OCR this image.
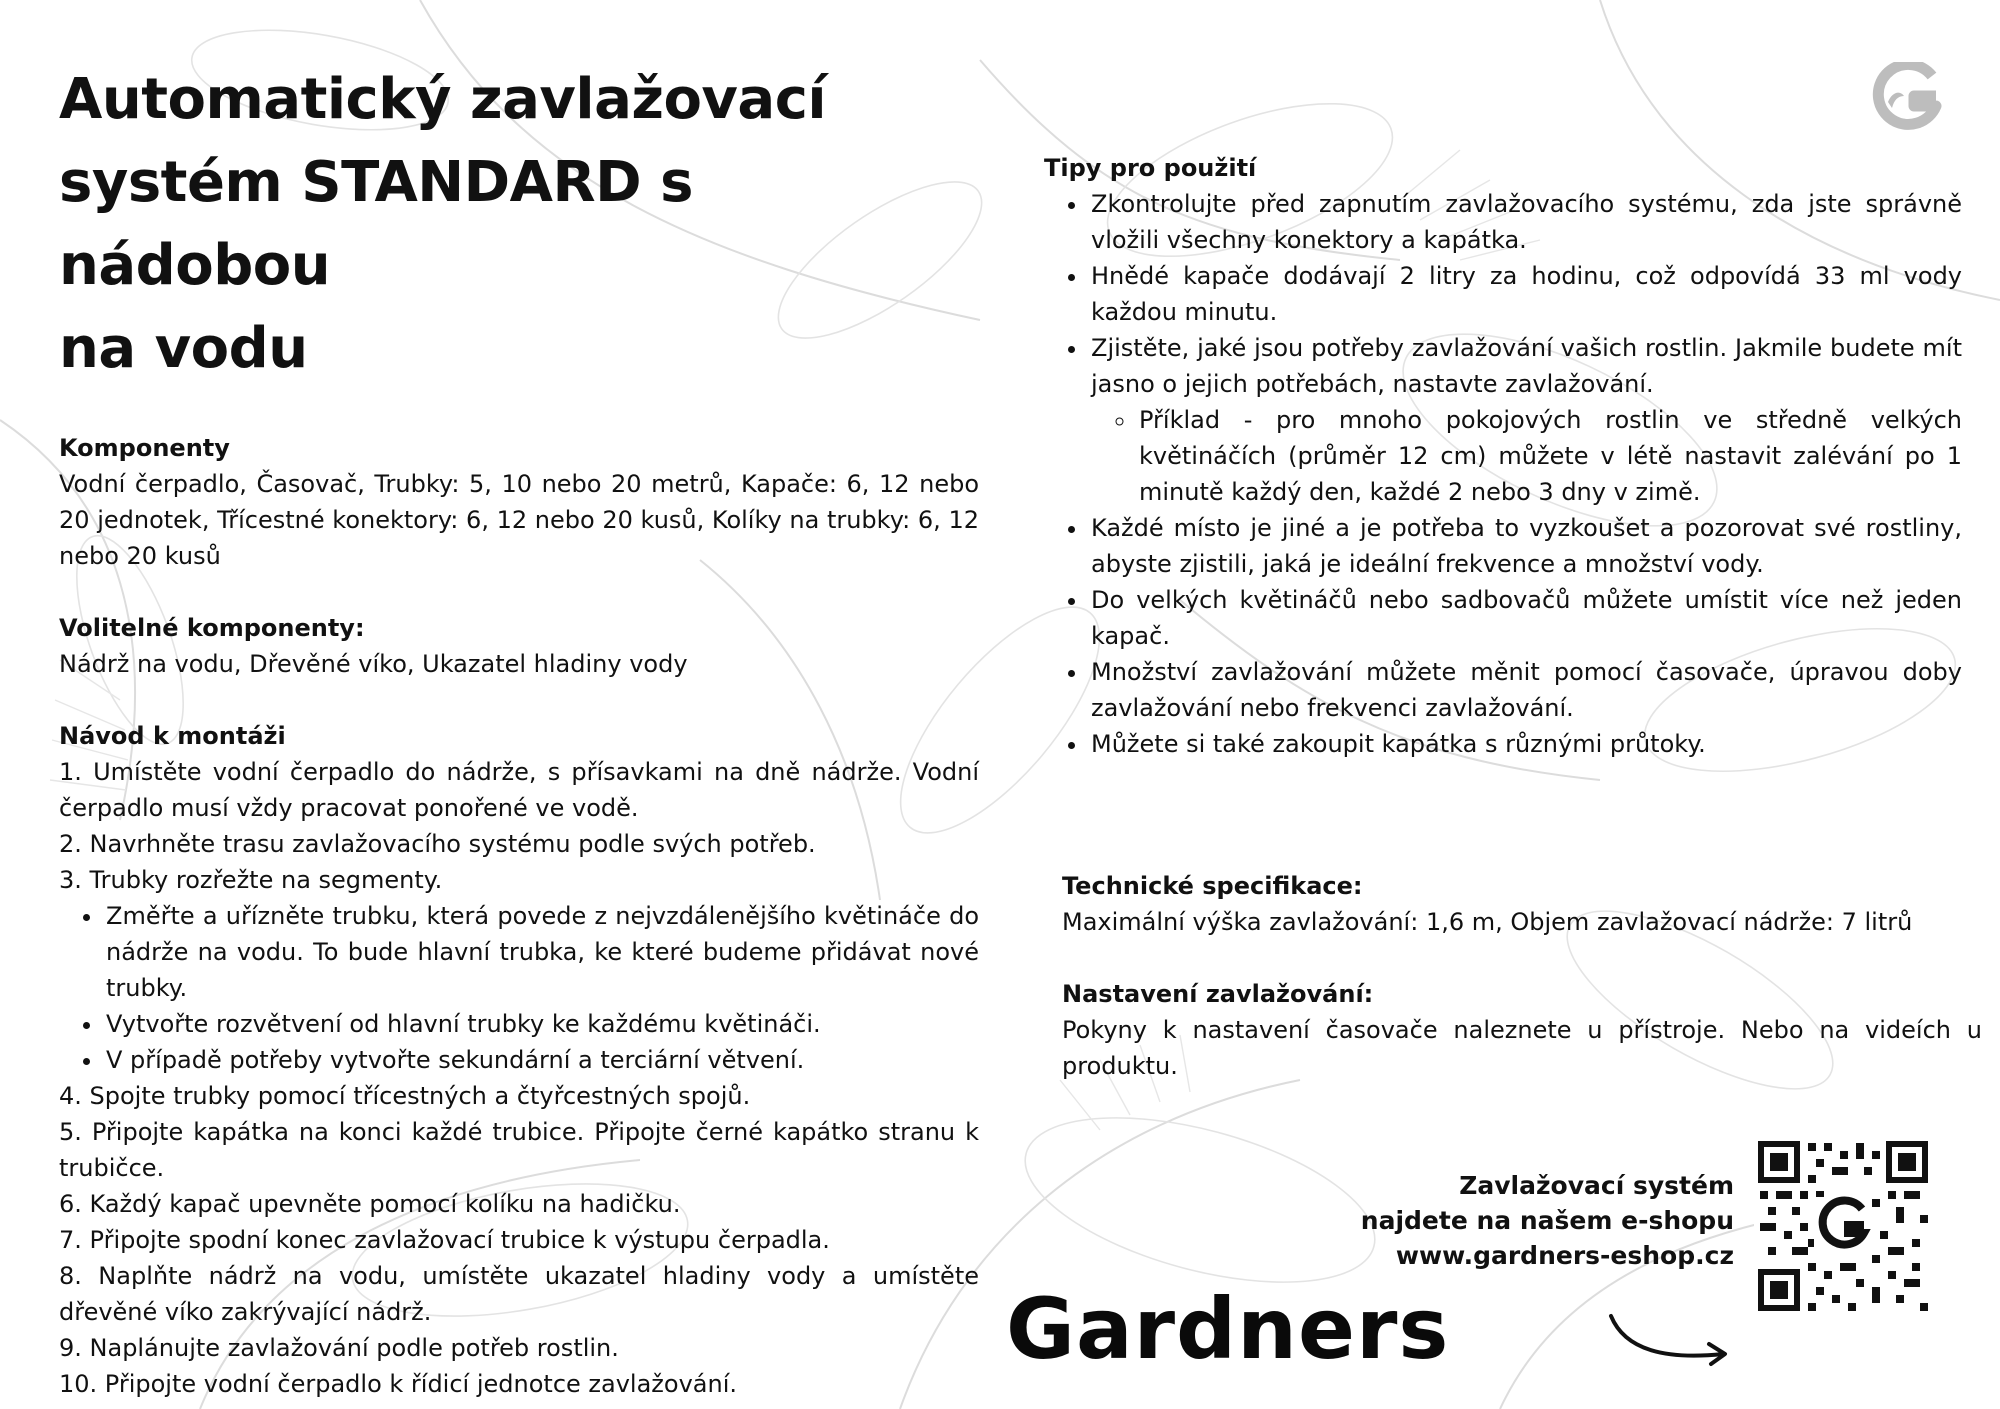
Automatický zavlažovací
systém STANDARD s nádobou
na vodu
Komponenty

Vodní čerpadlo, Časovač, Trubky: 5, 10 nebo 20 metrů, Kapače: 6, 12 nebo 20 jednotek, Třícestné konektory: 6, 12 nebo 20 kusů, Kolíky na trubky: 6, 12 nebo 20 kusů

Volitelné komponenty:

Nádrž na vodu, Dřevěné víko, Ukazatel hladiny vody

Návod k montáži
1. Umístěte vodní čerpadlo do nádrže, s přísavkami na dně nádrže. Vodní čerpadlo musí vždy pracovat ponořené ve vodě.
2. Navrhněte trasu zavlažovacího systému podle svých potřeb.
3. Trubky rozřežte na segmenty.
• Změřte a uřízněte trubku, která povede z nejvzdálenějšího květináče do nádrže na vodu. To bude hlavní trubka, ke které budeme přidávat nové trubky.
• Vytvořte rozvětvení od hlavní trubky ke každému květináči.
• V případě potřeby vytvořte sekundární a terciární větvení.
4. Spojte trubky pomocí třícestných a čtyřcestných spojů.
5. Připojte kapátka na konci každé trubice. Připojte černé kapátko stranu k trubičce.
6. Každý kapač upevněte pomocí kolíku na hadičku.
7. Připojte spodní konec zavlažovací trubice k výstupu čerpadla.
8. Naplňte nádrž na vodu, umístěte ukazatel hladiny vody a umístěte dřevěné víko zakrývající nádrž.
9. Naplánujte zavlažování podle potřeb rostlin.
10. Připojte vodní čerpadlo k řídicí jednotce zavlažování.
Tipy pro použití
• Zkontrolujte před zapnutím zavlažovacího systému, zda jste správně vložili všechny konektory a kapátka.
• Hnědé kapače dodávají 2 litry za hodinu, což odpovídá 33 ml vody každou minutu.
• Zjistěte, jaké jsou potřeby zavlažování vašich rostlin. Jakmile budete mít jasno o jejich potřebách, nastavte zavlažování.
◦ Příklad - pro mnoho pokojových rostlin ve středně velkých květináčích (průměr 12 cm) můžete v létě nastavit zalévání po 1 minutě každý den, každé 2 nebo 3 dny v zimě.
• Každé místo je jiné a je potřeba to vyzkoušet a pozorovat své rostliny, abyste zjistili, jaká je ideální frekvence a množství vody.
• Do velkých květináčů nebo sadbovačů můžete umístit více než jeden kapač.
• Množství zavlažování můžete měnit pomocí časovače, úpravou doby zavlažování nebo frekvenci zavlažování.
• Můžete si také zakoupit kapátka s různými průtoky.
Technické specifikace:

Maximální výška zavlažování: 1,6 m, Objem zavlažovací nádrže: 7 litrů

Nastavení zavlažování:

Pokyny k nastavení časovače naleznete u přístroje. Nebo na videích u produktu.

Zavlažovací systém
najdete na našem e-shopu
www.gardners-eshop.cz
Gardners
